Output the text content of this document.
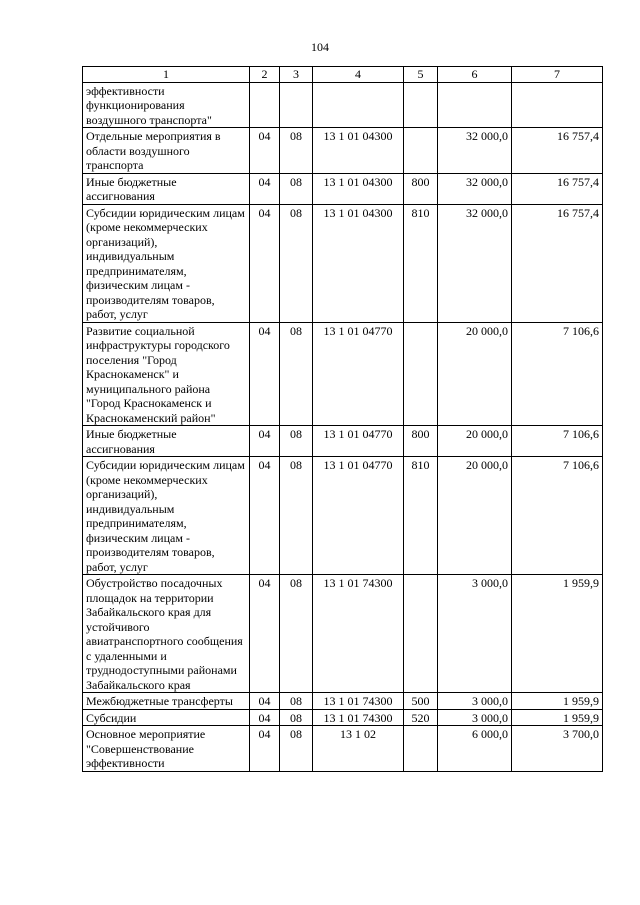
104
1	2	3	4	5	6	7
эффективности функционирования воздушного транспорта"						
Отдельные мероприятия в области воздушного транспорта	04	08	13 1 01 04300		32 000,0	16 757,4
Иные бюджетные ассигнования	04	08	13 1 01 04300	800	32 000,0	16 757,4
Субсидии юридическим лицам (кроме некоммерческих организаций), индивидуальным предпринимателям, физическим лицам - производителям товаров, работ, услуг	04	08	13 1 01 04300	810	32 000,0	16 757,4
Развитие социальной инфраструктуры городского поселения "Город Краснокаменск" и муниципального района "Город Краснокаменск и Краснокаменский район"	04	08	13 1 01 04770		20 000,0	7 106,6
Иные бюджетные ассигнования	04	08	13 1 01 04770	800	20 000,0	7 106,6
Субсидии юридическим лицам (кроме некоммерческих организаций), индивидуальным предпринимателям, физическим лицам - производителям товаров, работ, услуг	04	08	13 1 01 04770	810	20 000,0	7 106,6
Обустройство посадочных площадок на территории Забайкальского края для устойчивого авиатранспортного сообщения с удаленными и труднодоступными районами Забайкальского края	04	08	13 1 01 74300		3 000,0	1 959,9
Межбюджетные трансферты	04	08	13 1 01 74300	500	3 000,0	1 959,9
Субсидии	04	08	13 1 01 74300	520	3 000,0	1 959,9
Основное мероприятие "Совершенствование эффективности	04	08	13 1 02		6 000,0	3 700,0
